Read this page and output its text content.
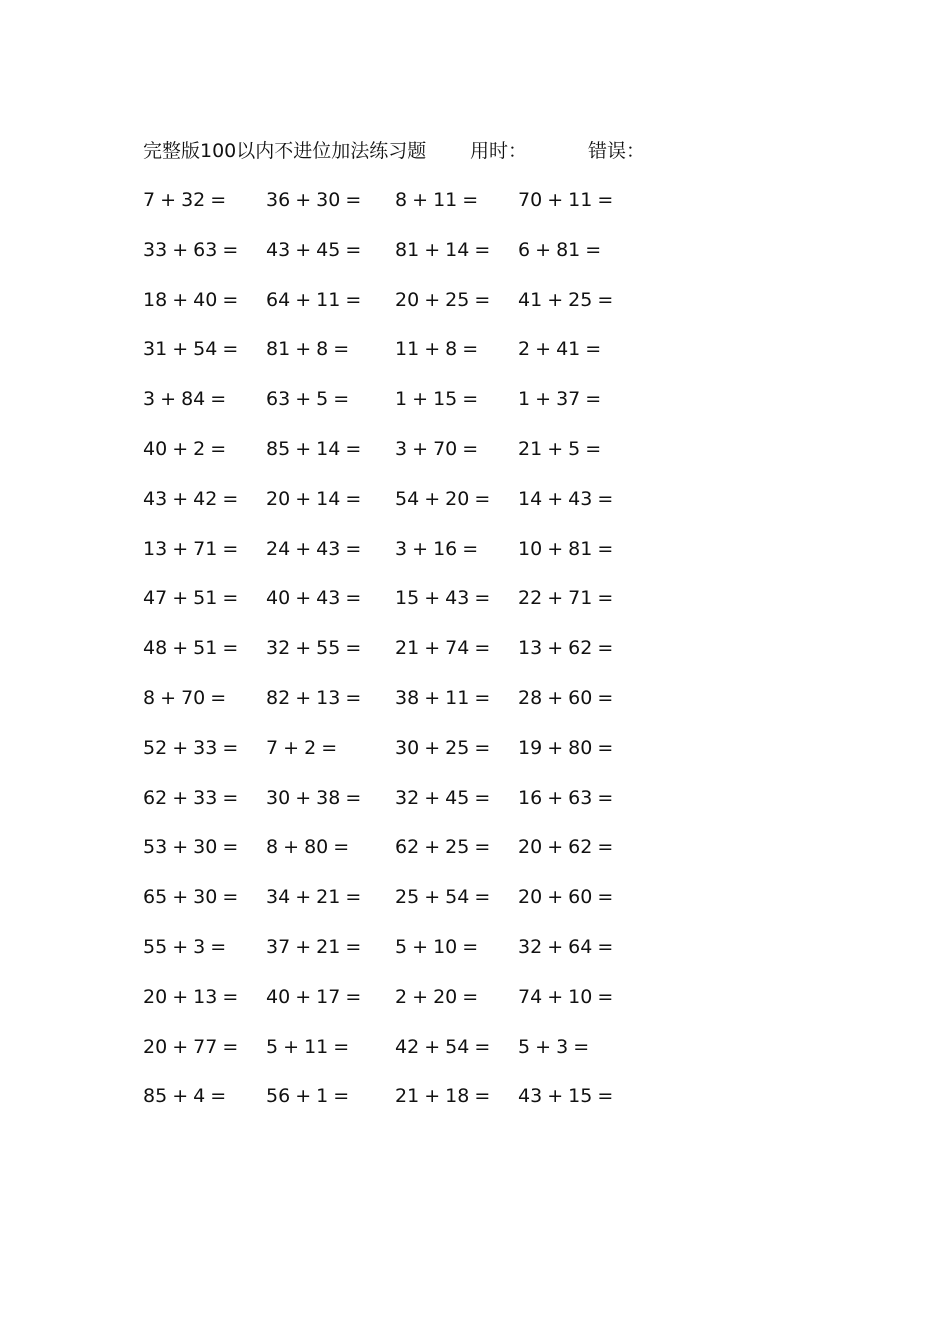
完整版100以内不进位加法练习题 用时：	错误：
7 + 32 =	36 + 30 = 8 + 11 =	70 + 11 =
33 + 63 = 43 + 45 = 81 + 14 = 6 + 81 =
18 + 40 = 64 + 11 = 20 + 25 = 41 + 25 =
31 + 54 = 81 + 8 =	11 + 8 =	2 + 41 =
3 + 84 =	63 + 5 =	1 + 15 =	1 + 37 =
40 + 2 =	85 + 14 = 3 + 70 =	21 + 5 =
43 + 42 = 20 + 14 = 54 + 20 = 14 + 43 =
13 + 71 = 24 + 43 = 3 + 16 =	10 + 81 =
47 + 51 = 40 + 43 = 15 + 43 = 22 + 71 =
48 + 51 = 32 + 55 = 21 + 74 = 13 + 62 =
8 + 70 =	82 + 13 = 38 + 11 = 28 + 60 =
52 + 33 = 7 + 2 =	30 + 25 = 19 + 80 =
62 + 33 = 30 + 38 = 32 + 45 = 16 + 63 =
53 + 30 = 8 + 80 =	62 + 25 = 20 + 62 =
65 + 30 = 34 + 21 = 25 + 54 = 20 + 60 =
55 + 3 =	37 + 21 = 5 + 10 =	32 + 64 =
20 + 13 = 40 + 17 = 2 + 20 =	74 + 10 =
20 + 77 = 5 + 11 =	42 + 54 = 5 + 3 =
85 + 4 =	56 + 1 =	21 + 18 = 43 + 15 =
